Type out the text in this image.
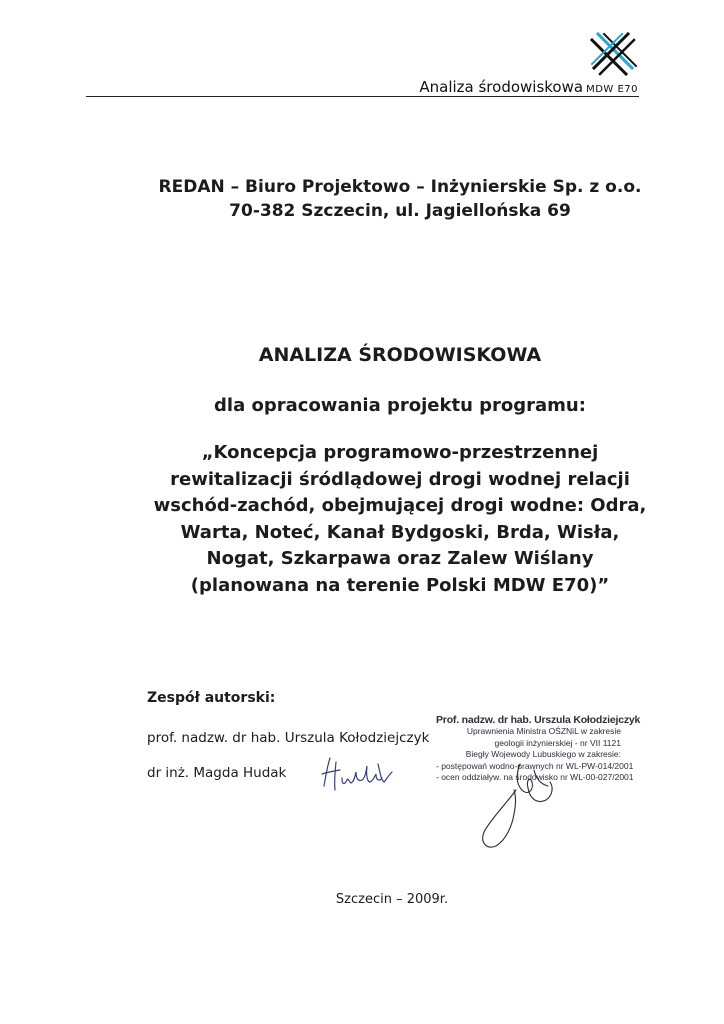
Analiza środowiskowa MDW E70
REDAN – Biuro Projektowo – Inżynierskie Sp. z o.o.
70-382 Szczecin, ul. Jagiellońska 69
ANALIZA ŚRODOWISKOWA
dla opracowania projektu programu:
„Koncepcja programowo-przestrzennej
rewitalizacji śródlądowej drogi wodnej relacji
wschód-zachód, obejmującej drogi wodne: Odra,
Warta, Noteć, Kanał Bydgoski, Brda, Wisła,
Nogat, Szkarpawa oraz Zalew Wiślany
(planowana na terenie Polski MDW E70)”
Zespół autorski:
prof. nadzw. dr hab. Urszula Kołodziejczyk
dr inż. Magda Hudak
Prof. nadzw. dr hab. Urszula Kołodziejczyk
Uprawnienia Ministra OŚZNiL w zakresie
geologii inżynierskiej - nr VII 1121
Biegły Wojewody Lubuskiego w zakresie:
- postępowań wodno-prawnych nr WL-PW-014/2001
- ocen oddziaływ. na środowisko nr WL-00-027/2001
Szczecin – 2009r.
